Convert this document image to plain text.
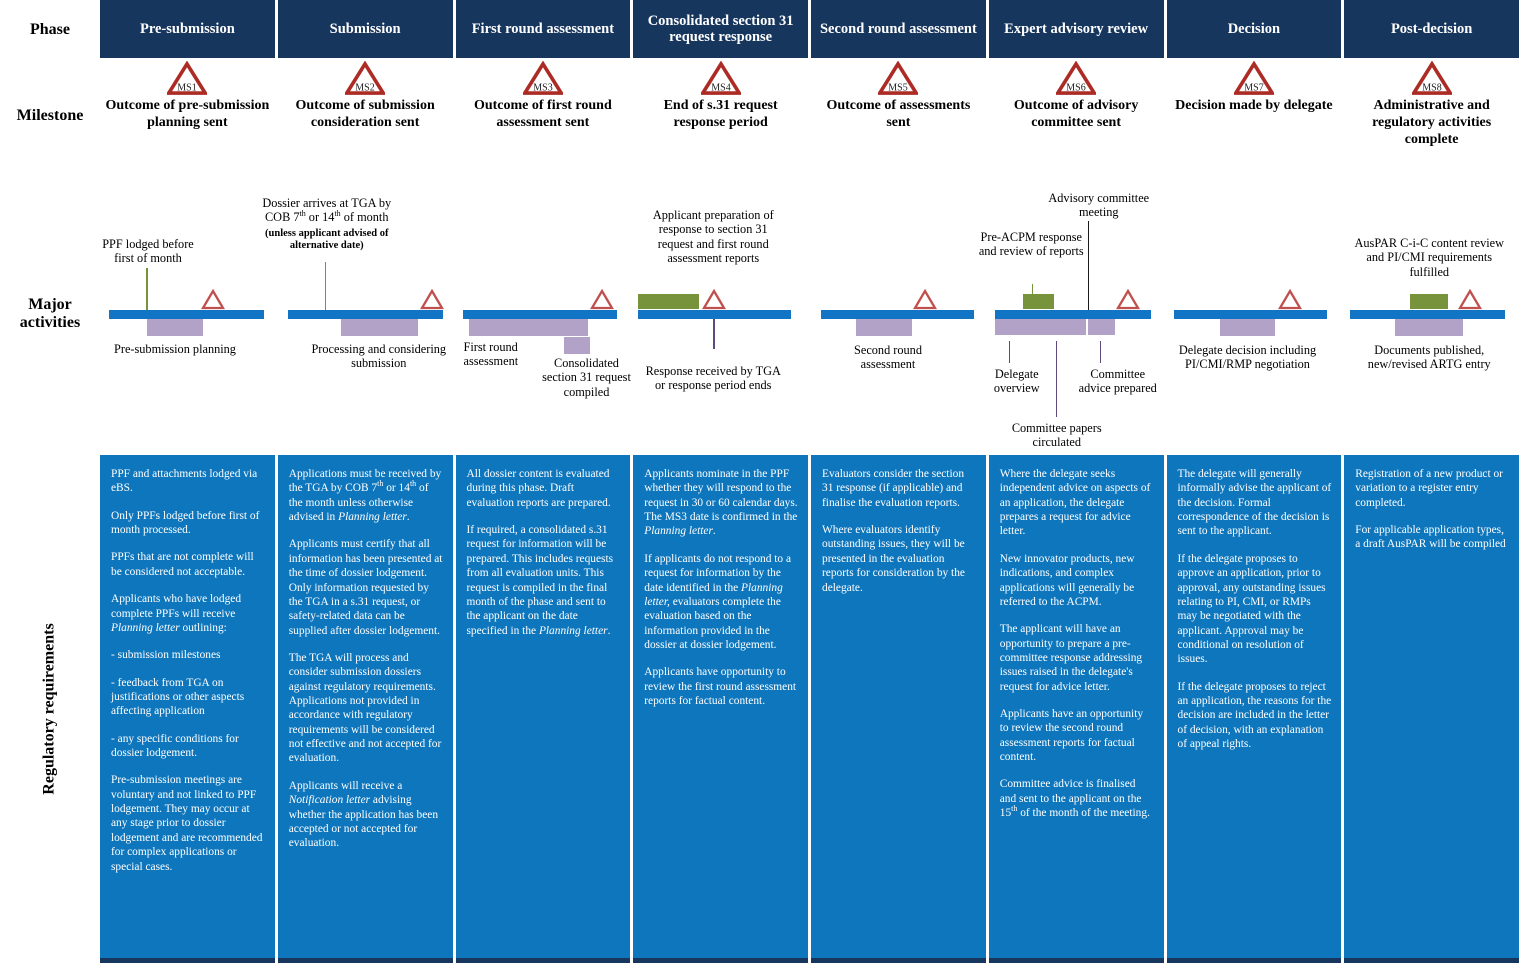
Phase
Milestone
Major activities
Regulatory requirements
Pre-submission
MS1
Outcome of pre-submission planning sent
PPF lodged before first of month
Pre-submission planning

PPF and attachments lodged via eBS.

Only PPFs lodged before first of month processed.

PPFs that are not complete will be considered not acceptable.

Applicants who have lodged complete PPFs will receive Planning letter outlining:

- submission milestones

- feedback from TGA on justifications or other aspects affecting application

- any specific conditions for dossier lodgement.

Pre-submission meetings are voluntary and not linked to PPF lodgement. They may occur at any stage prior to dossier lodgement and are recommended for complex applications or special cases.

Submission
MS2
Outcome of submission consideration sent
Dossier arrives at TGA by COB 7th or 14th of month
(unless applicant advised of alternative date)
Processing and considering submission

Applications must be received by the TGA by COB 7th or 14th of the month unless otherwise advised in Planning letter.

Applicants must certify that all information has been presented at the time of dossier lodgement. Only information requested by the TGA in a s.31 request, or safety-related data can be supplied after dossier lodgement.

The TGA will process and consider submission dossiers against regulatory requirements. Applications not provided in accordance with regulatory requirements will be considered not effective and not accepted for evaluation.

Applicants will receive a Notification letter advising whether the application has been accepted or not accepted for evaluation.

First round assessment
MS3
Outcome of first round assessment sent
First round assessment	Consolidated section 31 request compiled

All dossier content is evaluated during this phase. Draft evaluation reports are prepared.

If required, a consolidated s.31 request for information will be prepared. This includes requests from all evaluation units. This request is compiled in the final month of the phase and sent to the applicant on the date specified in the Planning letter.

Consolidated section 31 request response
MS4
End of s.31 request response period
Applicant preparation of response to section 31 request and first round assessment reports
Response received by TGA or response period ends

Applicants nominate in the PPF whether they will respond to the request in 30 or 60 calendar days. The MS3 date is confirmed in the Planning letter.

If applicants do not respond to a request for information by the date identified in the Planning letter, evaluators complete the evaluation based on the information provided in the dossier at dossier lodgement.

Applicants have opportunity to review the first round assessment reports for factual content.

Second round assessment
MS5
Outcome of assessments sent
Second round assessment

Evaluators consider the section 31 response (if applicable) and finalise the evaluation reports.

Where evaluators identify outstanding issues, they will be presented in the evaluation reports for consideration by the delegate.

Expert advisory review
MS6
Outcome of advisory committee sent
Advisory committee meeting
Pre-ACPM response and review of reports
Delegate overview
Committee advice prepared
Committee papers circulated

Where the delegate seeks independent advice on aspects of an application, the delegate prepares a request for advice letter.

New innovator products, new indications, and complex applications will generally be referred to the ACPM.

The applicant will have an opportunity to prepare a pre-committee response addressing issues raised in the delegate's request for advice letter.

Applicants have an opportunity to review the second round assessment reports for factual content.

Committee advice is finalised and sent to the applicant on the 15th of the month of the meeting.

Decision
MS7
Decision made by delegate
Delegate decision including PI/CMI/RMP negotiation

The delegate will generally informally advise the applicant of the decision. Formal correspondence of the decision is sent to the applicant.

If the delegate proposes to approve an application, prior to approval, any outstanding issues relating to PI, CMI, or RMPs may be negotiated with the applicant. Approval may be conditional on resolution of issues.

If the delegate proposes to reject an application, the reasons for the decision are included in the letter of decision, with an explanation of appeal rights.

Post-decision
MS8
Administrative and regulatory activities complete
AusPAR C-i-C content review and PI/CMI requirements fulfilled
Documents published, new/revised ARTG entry

Registration of a new product or variation to a register entry completed.

For applicable application types, a draft AusPAR will be compiled
